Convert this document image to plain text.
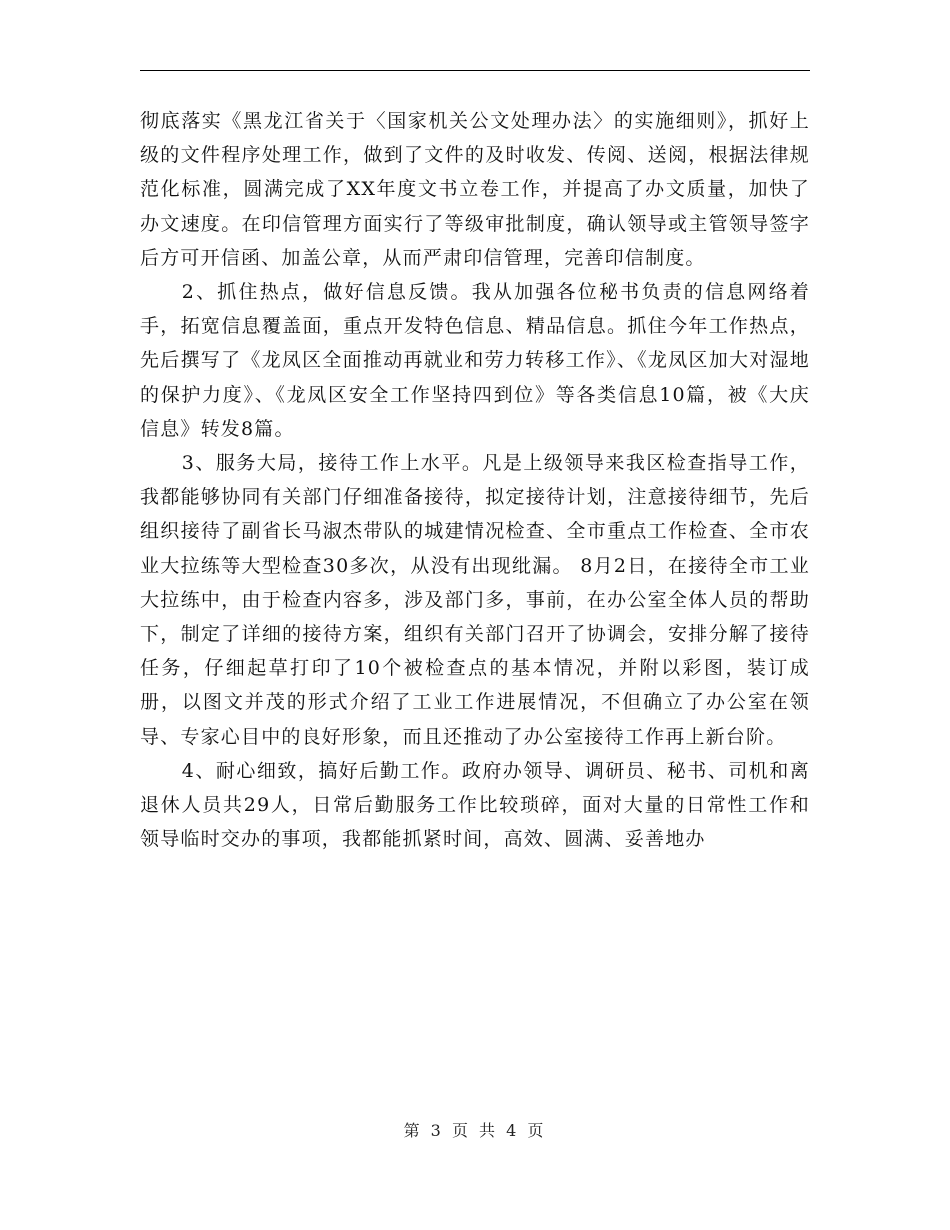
彻底落实《黑龙江省关于〈国家机关公文处理办法〉的实施细则》，抓好上级的文件程序处理工作，做到了文件的及时收发、传阅、送阅，根据法律规范化标准，圆满完成了XX年度文书立卷工作，并提高了办文质量，加快了办文速度。在印信管理方面实行了等级审批制度，确认领导或主管领导签字后方可开信函、加盖公章，从而严肃印信管理，完善印信制度。

2、抓住热点，做好信息反馈。我从加强各位秘书负责的信息网络着手，拓宽信息覆盖面，重点开发特色信息、精品信息。抓住今年工作热点，先后撰写了《龙凤区全面推动再就业和劳力转移工作》、《龙凤区加大对湿地的保护力度》、《龙凤区安全工作坚持四到位》等各类信息10篇，被《大庆信息》转发8篇。

3、服务大局，接待工作上水平。凡是上级领导来我区检查指导工作，我都能够协同有关部门仔细准备接待，拟定接待计划，注意接待细节，先后组织接待了副省长马淑杰带队的城建情况检查、全市重点工作检查、全市农业大拉练等大型检查30多次，从没有出现纰漏。 8月2日，在接待全市工业大拉练中，由于检查内容多，涉及部门多，事前，在办公室全体人员的帮助下，制定了详细的接待方案，组织有关部门召开了协调会，安排分解了接待任务，仔细起草打印了10个被检查点的基本情况，并附以彩图，装订成册，以图文并茂的形式介绍了工业工作进展情况，不但确立了办公室在领导、专家心目中的良好形象，而且还推动了办公室接待工作再上新台阶。

4、耐心细致，搞好后勤工作。政府办领导、调研员、秘书、司机和离退休人员共29人，日常后勤服务工作比较琐碎，面对大量的日常性工作和领导临时交办的事项，我都能抓紧时间，高效、圆满、妥善地办

第 3 页 共 4 页
